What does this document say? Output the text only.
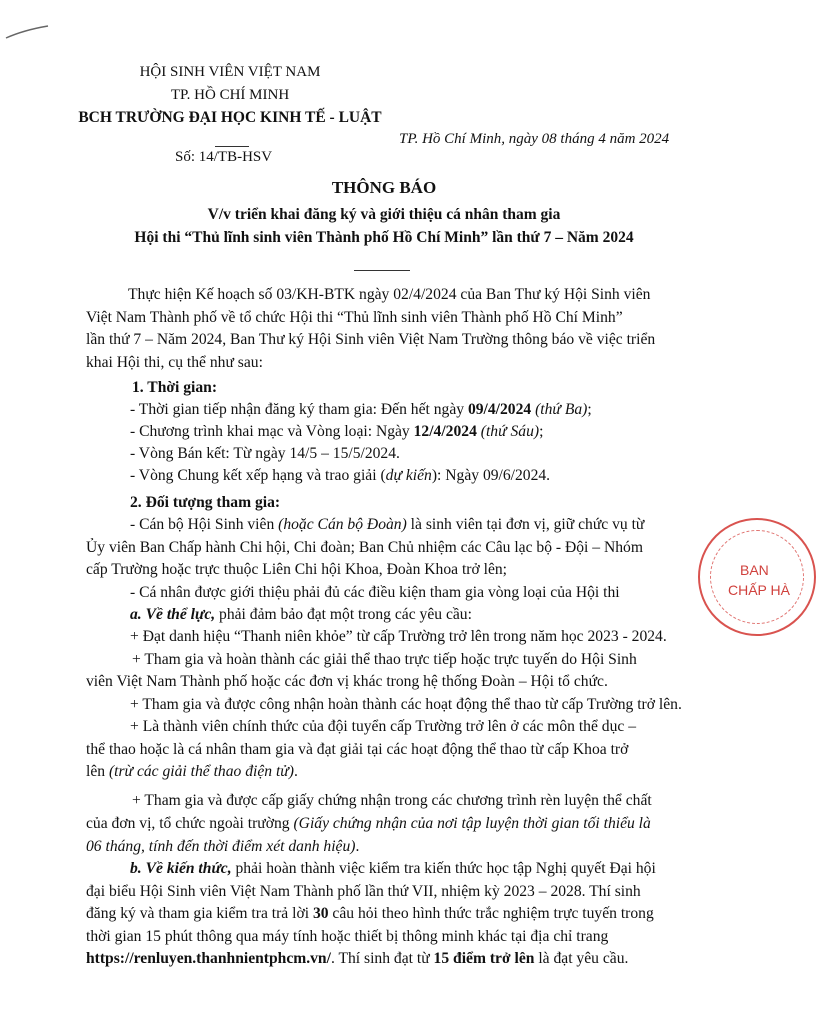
HỘI SINH VIÊN VIỆT NAM
TP. HỒ CHÍ MINH
BCH TRƯỜNG ĐẠI HỌC KINH TẾ - LUẬT
Số: 14/TB-HSV
TP. Hồ Chí Minh, ngày 08 tháng 4 năm 2024
THÔNG BÁO
V/v triển khai đăng ký và giới thiệu cá nhân tham gia
Hội thi “Thủ lĩnh sinh viên Thành phố Hồ Chí Minh” lần thứ 7 – Năm 2024
Thực hiện Kế hoạch số 03/KH-BTK ngày 02/4/2024 của Ban Thư ký Hội Sinh viên
Việt Nam Thành phố về tổ chức Hội thi “Thủ lĩnh sinh viên Thành phố Hồ Chí Minh”
lần thứ 7 – Năm 2024, Ban Thư ký Hội Sinh viên Việt Nam Trường thông báo về việc triển
khai Hội thi, cụ thể như sau:
1. Thời gian:
- Thời gian tiếp nhận đăng ký tham gia: Đến hết ngày 09/4/2024 (thứ Ba);
- Chương trình khai mạc và Vòng loại: Ngày 12/4/2024 (thứ Sáu);
- Vòng Bán kết: Từ ngày 14/5 – 15/5/2024.
- Vòng Chung kết xếp hạng và trao giải (dự kiến): Ngày 09/6/2024.
2. Đối tượng tham gia:
- Cán bộ Hội Sinh viên (hoặc Cán bộ Đoàn) là sinh viên tại đơn vị, giữ chức vụ từ
Ủy viên Ban Chấp hành Chi hội, Chi đoàn; Ban Chủ nhiệm các Câu lạc bộ - Đội – Nhóm
cấp Trường hoặc trực thuộc Liên Chi hội Khoa, Đoàn Khoa trở lên;
- Cá nhân được giới thiệu phải đủ các điều kiện tham gia vòng loại của Hội thi
a. Về thể lực, phải đảm bảo đạt một trong các yêu cầu:
+ Đạt danh hiệu “Thanh niên khỏe” từ cấp Trường trở lên trong năm học 2023 - 2024.
+ Tham gia và hoàn thành các giải thể thao trực tiếp hoặc trực tuyến do Hội Sinh
viên Việt Nam Thành phố hoặc các đơn vị khác trong hệ thống Đoàn – Hội tổ chức.
+ Tham gia và được công nhận hoàn thành các hoạt động thể thao từ cấp Trường trở lên.
+ Là thành viên chính thức của đội tuyển cấp Trường trở lên ở các môn thể dục –
thể thao hoặc là cá nhân tham gia và đạt giải tại các hoạt động thể thao từ cấp Khoa trở
lên (trừ các giải thể thao điện tử).
+ Tham gia và được cấp giấy chứng nhận trong các chương trình rèn luyện thể chất
của đơn vị, tổ chức ngoài trường (Giấy chứng nhận của nơi tập luyện thời gian tối thiểu là
06 tháng, tính đến thời điểm xét danh hiệu).
b. Về kiến thức, phải hoàn thành việc kiểm tra kiến thức học tập Nghị quyết Đại hội
đại biểu Hội Sinh viên Việt Nam Thành phố lần thứ VII, nhiệm kỳ 2023 – 2028. Thí sinh
đăng ký và tham gia kiểm tra trả lời 30 câu hỏi theo hình thức trắc nghiệm trực tuyến trong
thời gian 15 phút thông qua máy tính hoặc thiết bị thông minh khác tại địa chỉ trang
https://renluyen.thanhnientphcm.vn/. Thí sinh đạt từ 15 điểm trở lên là đạt yêu cầu.
BAN
CHẤP HÀ
